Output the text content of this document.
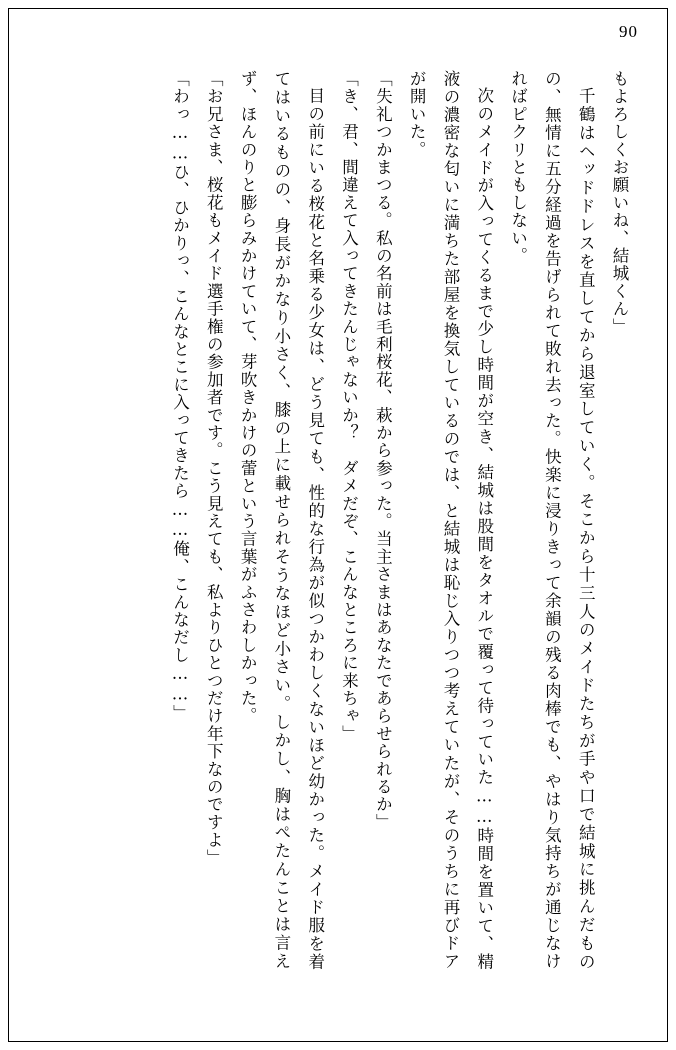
90

もよろしくお願いね、結城くん」

千鶴はヘッドドレスを直してから退室していく。そこから十三人のメイドたちが手や口で結城に挑んだものの、無情に五分経過を告げられて敗れ去った。快楽に浸りきって余韻の残る肉棒でも、やはり気持ちが通じなければピクリともしない。

次のメイドが入ってくるまで少し時間が空き、結城は股間をタオルで覆って待っていた……時間を置いて、精液の濃密な匂いに満ちた部屋を換気しているのでは、と結城は恥じ入りつつ考えていたが、そのうちに再びドアが開いた。

「失礼つかまつる。私の名前は毛利桜花、萩から参った。当主さまはあなたであらせられるか」

「き、君、間違えて入ってきたんじゃないか？　ダメだぞ、こんなところに来ちゃ」

目の前にいる桜花と名乗る少女は、どう見ても、性的な行為が似つかわしくないほど幼かった。メイド服を着てはいるものの、身長がかなり小さく、膝の上に載せられそうなほど小さい。しかし、胸はぺたんことは言えず、ほんのりと膨らみかけていて、芽吹きかけの蕾という言葉がふさわしかった。

「お兄さま、桜花もメイド選手権の参加者です。こう見えても、私よりひとつだけ年下なのですよ」

「わっ……ひ、ひかりっ、こんなとこに入ってきたら……俺、こんなだし……」
